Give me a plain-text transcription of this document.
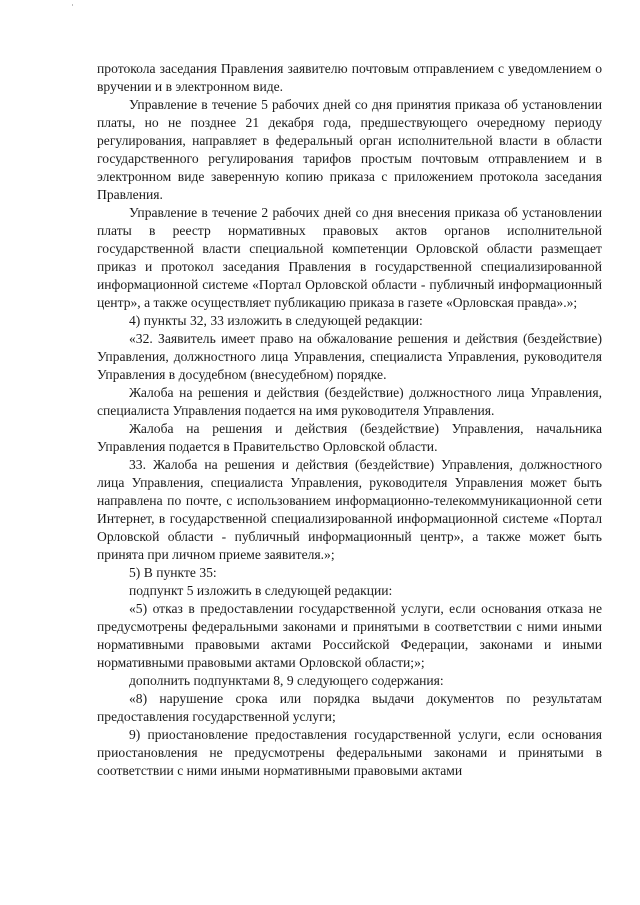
протокола заседания Правления заявителю почтовым отправлением с уведомлением о вручении и в электронном виде.

Управление в течение 5 рабочих дней со дня принятия приказа об установлении платы, но не позднее 21 декабря года, предшествующего очередному периоду регулирования, направляет в федеральный орган исполнительной власти в области государственного регулирования тарифов простым почтовым отправлением и в электронном виде заверенную копию приказа с приложением протокола заседания Правления.

Управление в течение 2 рабочих дней со дня внесения приказа об установлении платы в реестр нормативных правовых актов органов исполнительной государственной власти специальной компетенции Орловской области размещает приказ и протокол заседания Правления в государственной специализированной информационной системе «Портал Орловской области - публичный информационный центр», а также осуществляет публикацию приказа в газете «Орловская правда».»;

4) пункты 32, 33 изложить в следующей редакции:

«32. Заявитель имеет право на обжалование решения и действия (бездействие) Управления, должностного лица Управления, специалиста Управления, руководителя Управления в досудебном (внесудебном) порядке.

Жалоба на решения и действия (бездействие) должностного лица Управления, специалиста Управления подается на имя руководителя Управления.

Жалоба на решения и действия (бездействие) Управления, начальника Управления подается в Правительство Орловской области.

33. Жалоба на решения и действия (бездействие) Управления, должностного лица Управления, специалиста Управления, руководителя Управления может быть направлена по почте, с использованием информационно-телекоммуникационной сети Интернет, в государственной специализированной информационной системе «Портал Орловской области - публичный информационный центр», а также может быть принята при личном приеме заявителя.»;

5) В пункте 35:

подпункт 5 изложить в следующей редакции:

«5) отказ в предоставлении государственной услуги, если основания отказа не предусмотрены федеральными законами и принятыми в соответствии с ними иными нормативными правовыми актами Российской Федерации, законами и иными нормативными правовыми актами Орловской области;»;

дополнить подпунктами 8, 9 следующего содержания:

«8) нарушение срока или порядка выдачи документов по результатам предоставления государственной услуги;

9) приостановление предоставления государственной услуги, если основания приостановления не предусмотрены федеральными законами и принятыми в соответствии с ними иными нормативными правовыми актами
